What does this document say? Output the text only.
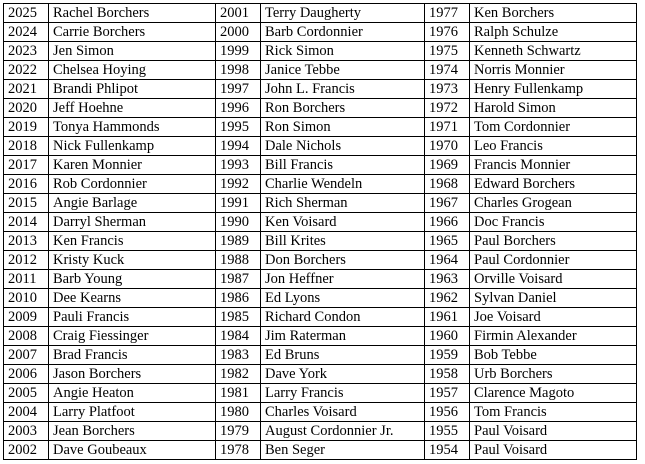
2025	Rachel Borchers	2001	Terry Daugherty	1977	Ken Borchers
2024	Carrie Borchers	2000	Barb Cordonnier	1976	Ralph Schulze
2023	Jen Simon	1999	Rick Simon	1975	Kenneth Schwartz
2022	Chelsea Hoying	1998	Janice Tebbe	1974	Norris Monnier
2021	Brandi Phlipot	1997	John L. Francis	1973	Henry Fullenkamp
2020	Jeff Hoehne	1996	Ron Borchers	1972	Harold Simon
2019	Tonya Hammonds	1995	Ron Simon	1971	Tom Cordonnier
2018	Nick Fullenkamp	1994	Dale Nichols	1970	Leo Francis
2017	Karen Monnier	1993	Bill Francis	1969	Francis Monnier
2016	Rob Cordonnier	1992	Charlie Wendeln	1968	Edward Borchers
2015	Angie Barlage	1991	Rich Sherman	1967	Charles Grogean
2014	Darryl Sherman	1990	Ken Voisard	1966	Doc Francis
2013	Ken Francis	1989	Bill Krites	1965	Paul Borchers
2012	Kristy Kuck	1988	Don Borchers	1964	Paul Cordonnier
2011	Barb Young	1987	Jon Heffner	1963	Orville Voisard
2010	Dee Kearns	1986	Ed Lyons	1962	Sylvan Daniel
2009	Pauli Francis	1985	Richard Condon	1961	Joe Voisard
2008	Craig Fiessinger	1984	Jim Raterman	1960	Firmin Alexander
2007	Brad Francis	1983	Ed Bruns	1959	Bob Tebbe
2006	Jason Borchers	1982	Dave York	1958	Urb Borchers
2005	Angie Heaton	1981	Larry Francis	1957	Clarence Magoto
2004	Larry Platfoot	1980	Charles Voisard	1956	Tom Francis
2003	Jean Borchers	1979	August Cordonnier Jr.	1955	Paul Voisard
2002	Dave Goubeaux	1978	Ben Seger	1954	Paul Voisard
